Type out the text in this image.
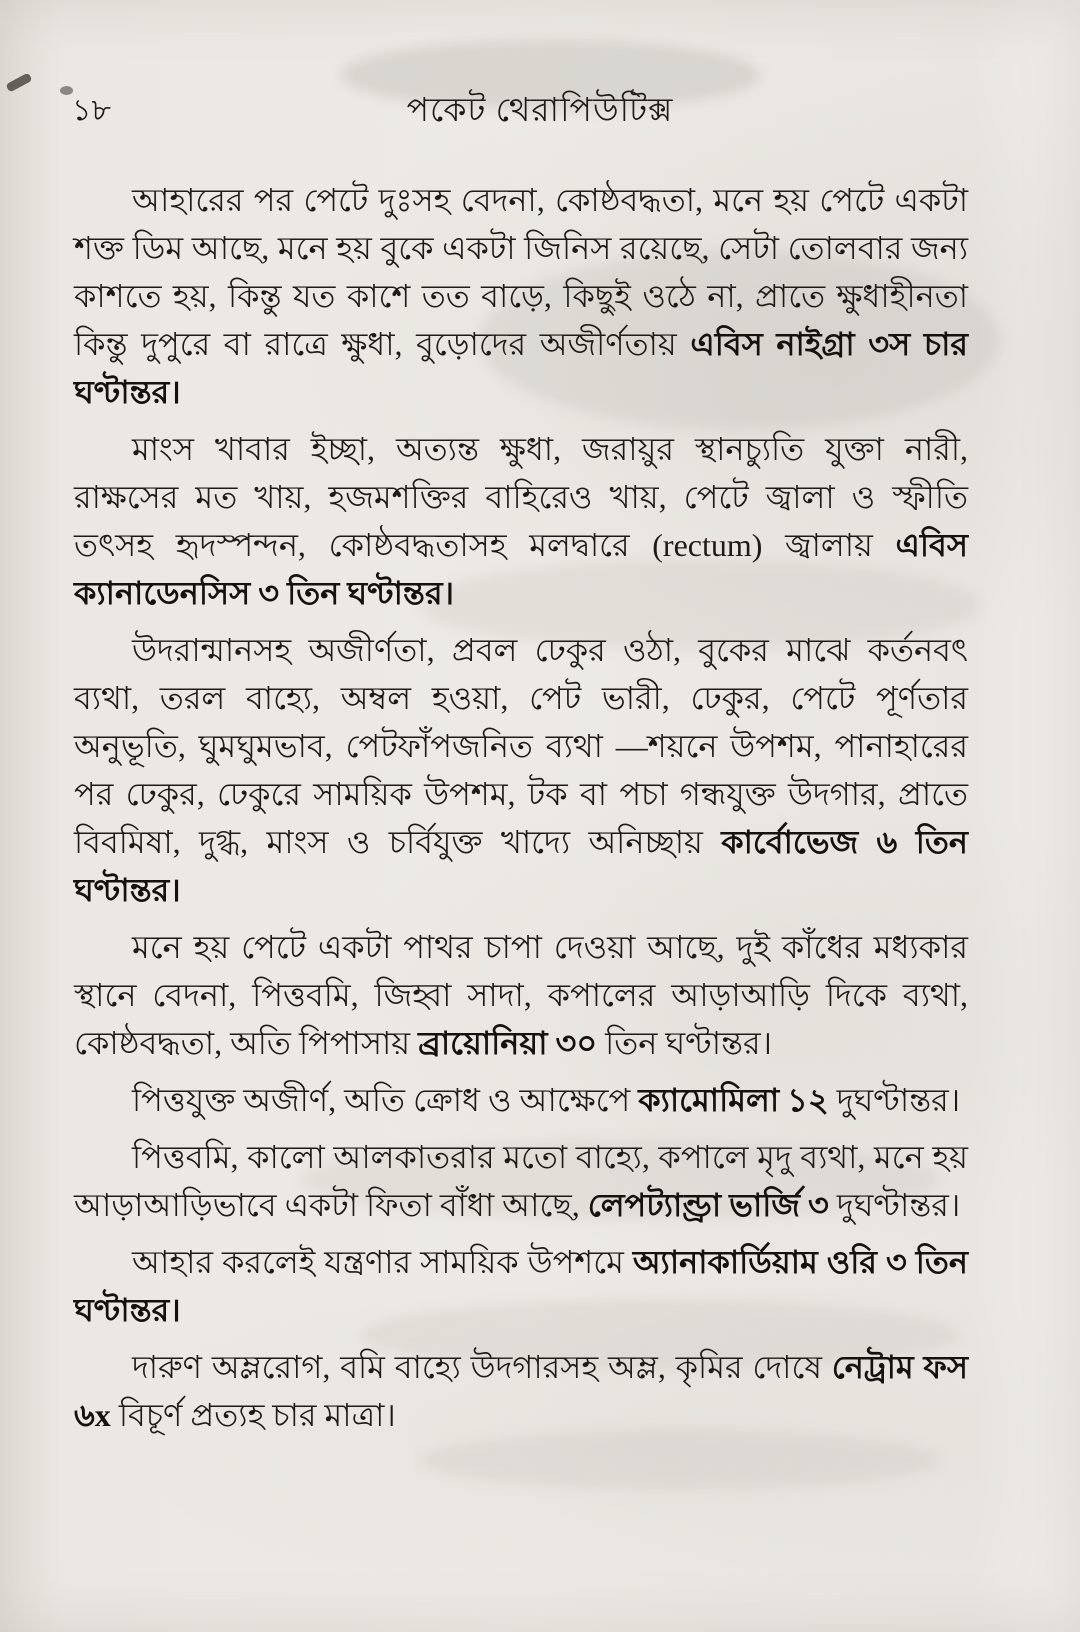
১৮	পকেট থেরাপিউটিক্স

আহারের পর পেটে দুঃসহ বেদনা, কোষ্ঠবদ্ধতা, মনে হয় পেটে একটা শক্ত ডিম আছে, মনে হয় বুকে একটা জিনিস রয়েছে, সেটা তোলবার জন্য কাশতে হয়, কিন্তু যত কাশে তত বাড়ে, কিছুই ওঠে না, প্রাতে ক্ষুধাহীনতা কিন্তু দুপুরে বা রাত্রে ক্ষুধা, বুড়োদের অজীর্ণতায় এবিস নাইগ্রা ৩স চার ঘণ্টান্তর।

মাংস খাবার ইচ্ছা, অত্যন্ত ক্ষুধা, জরায়ুর স্থানচ্যুতি যুক্তা নারী, রাক্ষসের মত খায়, হজমশক্তির বাহিরেও খায়, পেটে জ্বালা ও স্ফীতি তৎসহ হৃদস্পন্দন, কোষ্ঠবদ্ধতাসহ মলদ্বারে (rectum) জ্বালায় এবিস ক্যানাডেনসিস ৩ তিন ঘণ্টান্তর।

উদরান্মানসহ অজীর্ণতা, প্রবল ঢেকুর ওঠা, বুকের মাঝে কর্তনবৎ ব্যথা, তরল বাহ্যে, অম্বল হওয়া, পেট ভারী, ঢেকুর, পেটে পূর্ণতার অনুভূতি, ঘুমঘুমভাব, পেটফাঁপজনিত ব্যথা —শয়নে উপশম, পানাহারের পর ঢেকুর, ঢেকুরে সাময়িক উপশম, টক বা পচা গন্ধযুক্ত উদগার, প্রাতে বিবমিষা, দুগ্ধ, মাংস ও চর্বিযুক্ত খাদ্যে অনিচ্ছায় কার্বোভেজ ৬ তিন ঘণ্টান্তর।

মনে হয় পেটে একটা পাথর চাপা দেওয়া আছে, দুই কাঁধের মধ্যকার স্থানে বেদনা, পিত্তবমি, জিহ্বা সাদা, কপালের আড়াআড়ি দিকে ব্যথা, কোষ্ঠবদ্ধতা, অতি পিপাসায় ব্রায়োনিয়া ৩০ তিন ঘণ্টান্তর।

পিত্তযুক্ত অজীর্ণ, অতি ক্রোধ ও আক্ষেপে ক্যামোমিলা ১২ দুঘণ্টান্তর।

পিত্তবমি, কালো আলকাতরার মতো বাহ্যে, কপালে মৃদু ব্যথা, মনে হয় আড়াআড়িভাবে একটা ফিতা বাঁধা আছে, লেপট্যাণ্ড্রা ভার্জি ৩ দুঘণ্টান্তর।

আহার করলেই যন্ত্রণার সাময়িক উপশমে অ্যানাকার্ডিয়াম ওরি ৩ তিন ঘণ্টান্তর।

দারুণ অম্লরোগ, বমি বাহ্যে উদগারসহ অম্ল, কৃমির দোষে নেট্রাম ফস ৬x বিচূর্ণ প্রত্যহ চার মাত্রা।
